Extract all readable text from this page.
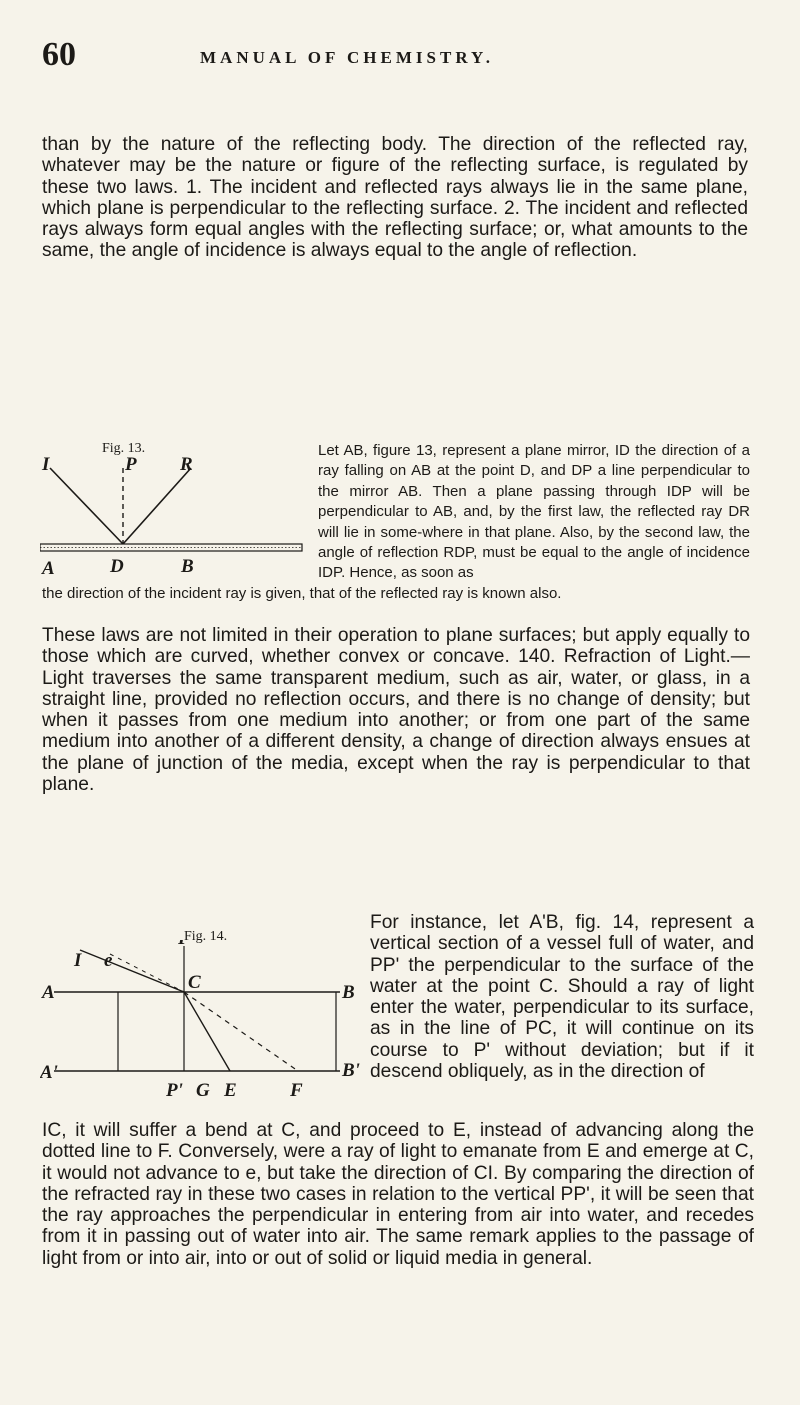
60	MANUAL OF CHEMISTRY.

than by the nature of the reflecting body. The direction of the reflected ray, whatever may be the nature or figure of the reflecting surface, is regulated by these two laws. 1. The incident and reflected rays always lie in the same plane, which plane is perpendicular to the reflecting surface. 2. The incident and reflected rays always form equal angles with the reflecting surface; or, what amounts to the same, the angle of incidence is always equal to the angle of reflection.

Fig. 13.
I	P R
A	D	B

Let AB, figure 13, represent a plane mirror, ID the direction of a ray falling on AB at the point D, and DP a line perpendicular to the mirror AB. Then a plane passing through IDP will be perpendicular to AB, and, by the first law, the reflected ray DR will lie in some-where in that plane. Also, by the second law, the angle of reflection RDP, must be equal to the angle of incidence IDP. Hence, as soon as

the direction of the incident ray is given, that of the reflected ray is known also.

These laws are not limited in their operation to plane surfaces; but apply equally to those which are curved, whether convex or concave. 140. Refraction of Light.—Light traverses the same transparent medium, such as air, water, or glass, in a straight line, provided no reflection occurs, and there is no change of density; but when it passes from one medium into another; or from one part of the same medium into another of a different density, a change of direction always ensues at the plane of junction of the media, except when the ray is perpendicular to that plane.

Fig. 14.
I e
A	C	B
A'	B'
P' G E	F

For instance, let A'B, fig. 14, represent a vertical section of a vessel full of water, and PP' the perpendicular to the surface of the water at the point C. Should a ray of light enter the water, perpendicular to its surface, as in the line of PC, it will continue on its course to P' without deviation; but if it descend obliquely, as in the direction of

IC, it will suffer a bend at C, and proceed to E, instead of advancing along the dotted line to F. Conversely, were a ray of light to emanate from E and emerge at C, it would not advance to e, but take the direction of CI. By comparing the direction of the refracted ray in these two cases in relation to the vertical PP', it will be seen that the ray approaches the perpendicular in entering from air into water, and recedes from it in passing out of water into air. The same remark applies to the passage of light from or into air, into or out of solid or liquid media in general.
